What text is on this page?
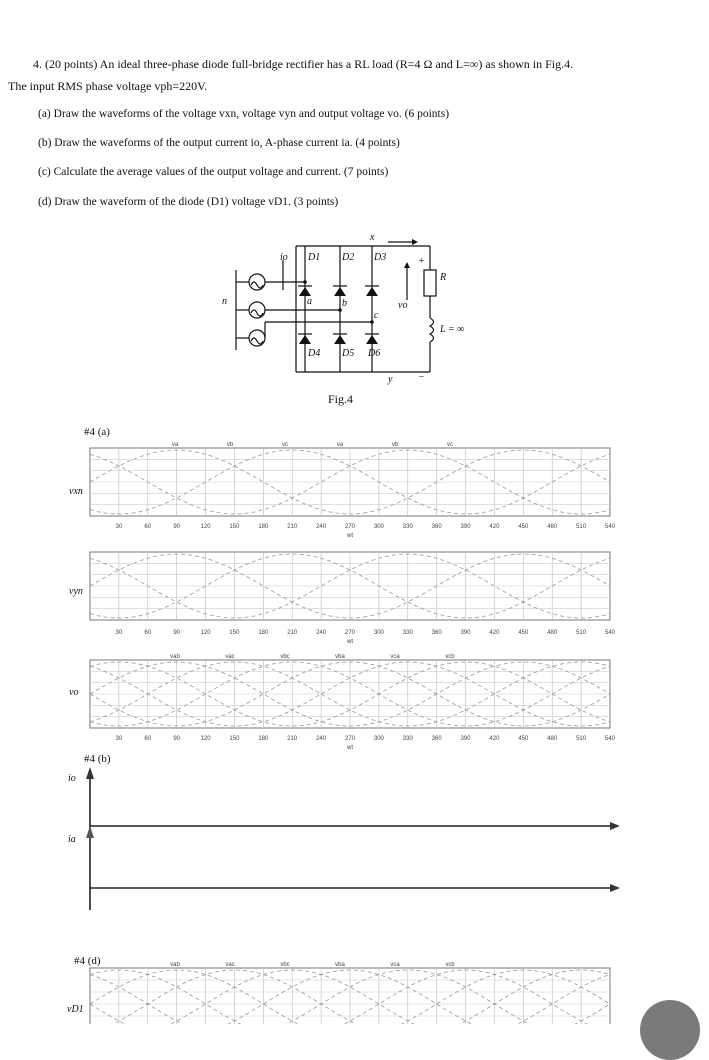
4. (20 points) An ideal three-phase diode full-bridge rectifier has a RL load (R=4 Ω and L=∞) as shown in Fig.4.
The input RMS phase voltage vph=220V.
(a) Draw the waveforms of the voltage vxn, voltage vyn and output voltage vo. (6 points)
(b) Draw the waveforms of the output current io, A-phase current ia. (4 points)
(c) Calculate the average values of the output voltage and current. (7 points)
(d) Draw the waveform of the diode (D1) voltage vD1. (3 points)
x
y
n	a	b
c
io
vo
R
L = ∞
+
−
D1 D2 D3
D4 D5 D6
Fig.4
#4 (a)
#4 (b)
#4 (d)
vxn
vyn
vo
io
ia
vD1
30	60	90	120	150	180	210	240	270	300	330	360	390	420	450	480	510	540
wt
va	vb	vc	va	vb	vc
30	60	90	120	150	180	210	240	270	300	330	360	390	420	450	480	510	540
wt
30	60	90	120	150	180	210	240	270	300	330	360	390	420	450	480	510	540
wt
vab	vac	vbc	vba	vca	vcb
vab	vac	vbc	vba	vca	vcb
